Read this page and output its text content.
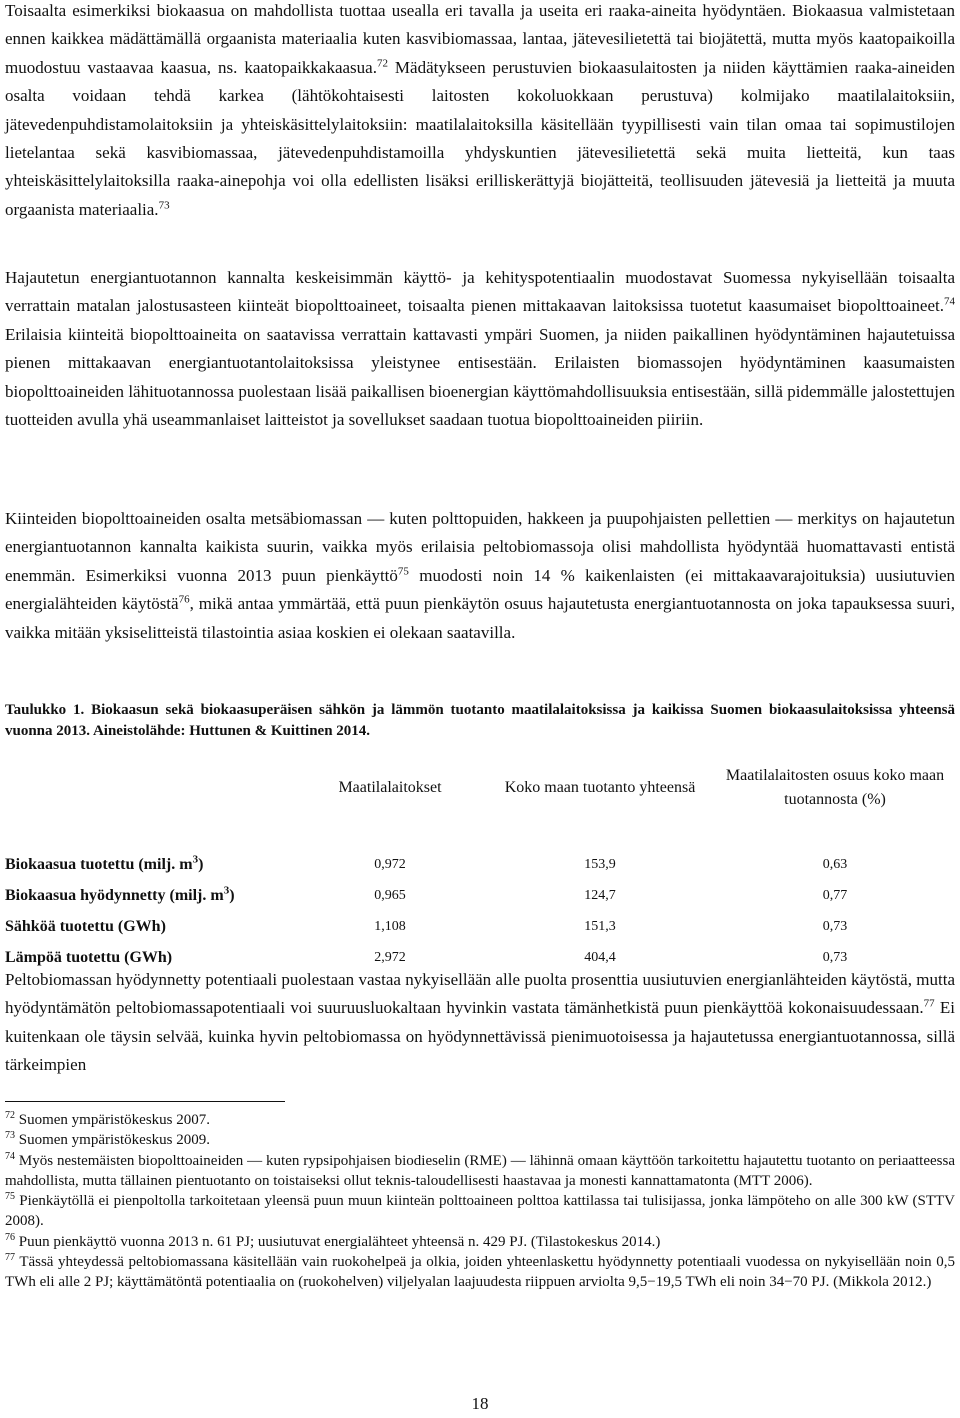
Toisaalta esimerkiksi biokaasua on mahdollista tuottaa usealla eri tavalla ja useita eri raaka-aineita hyödyntäen. Biokaasua valmistetaan ennen kaikkea mädättämällä orgaanista materiaalia kuten kasvibiomassaa, lantaa, jätevesilietettä tai biojätettä, mutta myös kaatopaikoilla muodostuu vastaavaa kaasua, ns. kaatopaikkakaasua.$^{72}$ Mädätykseen perustuvien biokaasulaitosten ja niiden käyttämien raaka-aineiden osalta voidaan tehdä karkea (lähtökohtaisesti laitosten kokoluokkaan perustuva) kolmijako maatilalaitoksiin, jätevedenpuhdistamolaitoksiin ja yhteiskäsittelylaitoksiin: maatilalaitoksilla käsitellään tyypillisesti vain tilan omaa tai sopimustilojen lietelantaa sekä kasvibiomassaa, jätevedenpuhdistamoilla yhdyskuntien jätevesilietettä sekä muita lietteitä, kun taas yhteiskäsittelylaitoksilla raaka-ainepohja voi olla edellisten lisäksi erilliskerättyjä biojätteitä, teollisuuden jätevesiä ja lietteitä ja muuta orgaanista materiaalia.$^{73}$

Hajautetun energiantuotannon kannalta keskeisimmän käyttö- ja kehityspotentiaalin muodostavat Suomessa nykyisellään toisaalta verrattain matalan jalostusasteen kiinteät biopolttoaineet, toisaalta pienen mittakaavan laitoksissa tuotetut kaasumaiset biopolttoaineet.$^{74}$ Erilaisia kiinteitä biopolttoaineita on saatavissa verrattain kattavasti ympäri Suomen, ja niiden paikallinen hyödyntäminen hajautetuissa pienen mittakaavan energiantuotantolaitoksissa yleistynee entisestään. Erilaisten biomassojen hyödyntäminen kaasumaisten biopolttoaineiden lähituotannossa puolestaan lisää paikallisen bioenergian käyttömahdollisuuksia entisestään, sillä pidemmälle jalostettujen tuotteiden avulla yhä useammanlaiset laitteistot ja sovellukset saadaan tuotua biopolttoaineiden piiriin.

Kiinteiden biopolttoaineiden osalta metsäbiomassan — kuten polttopuiden, hakkeen ja puupohjaisten pellettien — merkitys on hajautetun energiantuotannon kannalta kaikista suurin, vaikka myös erilaisia peltobiomassoja olisi mahdollista hyödyntää huomattavasti entistä enemmän. Esimerkiksi vuonna 2013 puun pienkäyttö$^{75}$ muodosti noin 14 % kaikenlaisten (ei mittakaavarajoituksia) uusiutuvien energialähteiden käytöstä$^{76}$, mikä antaa ymmärtää, että puun pienkäytön osuus hajautetusta energiantuotannosta on joka tapauksessa suuri, vaikka mitään yksiselitteistä tilastointia asiaa koskien ei olekaan saatavilla.

Taulukko 1. Biokaasun sekä biokaasuperäisen sähkön ja lämmön tuotanto maatilalaitoksissa ja kaikissa Suomen biokaasulaitoksissa yhteensä vuonna 2013. Aineistolähde: Huttunen & Kuittinen 2014.

	Maatilalaitokset	Koko maan tuotanto yhteensä	Maatilalaitosten osuus koko maan tuotannosta (%)

Biokaasua tuotettu (milj. $m^3$)	0,972	153,9	0,63
Biokaasua hyödynnetty (milj. $m^3$)	0,965	124,7	0,77
Sähköä tuotettu (GWh)	1,108	151,3	0,73
Lämpöä tuotettu (GWh)	2,972	404,4	0,73

Peltobiomassan hyödynnetty potentiaali puolestaan vastaa nykyisellään alle puolta prosenttia uusiutuvien energianlähteiden käytöstä, mutta hyödyntämätön peltobiomassapotentiaali voi suuruusluokaltaan hyvinkin vastata tämänhetkistä puun pienkäyttöä kokonaisuudessaan.$^{77}$ Ei kuitenkaan ole täysin selvää, kuinka hyvin peltobiomassa on hyödynnettävissä pienimuotoisessa ja hajautetussa energiantuotannossa, sillä tärkeimpien

$^{72}$ Suomen ympäristökeskus 2007.

$^{73}$ Suomen ympäristökeskus 2009.

$^{74}$ Myös nestemäisten biopolttoaineiden — kuten rypsipohjaisen biodieselin (RME) — lähinnä omaan käyttöön tarkoitettu hajautettu tuotanto on periaatteessa mahdollista, mutta tällainen pientuotanto on toistaiseksi ollut teknis-taloudellisesti haastavaa ja monesti kannattamatonta (MTT 2006).

$^{75}$ Pienkäytöllä ei pienpoltolla tarkoitetaan yleensä puun muun kiinteän polttoaineen polttoa kattilassa tai tulisijassa, jonka lämpöteho on alle 300 kW (STTV 2008).

$^{76}$ Puun pienkäyttö vuonna 2013 n. 61 PJ; uusiutuvat energialähteet yhteensä n. 429 PJ. (Tilastokeskus 2014.)

$^{77}$ Tässä yhteydessä peltobiomassana käsitellään vain ruokohelpeä ja olkia, joiden yhteenlaskettu hyödynnetty potentiaali vuodessa on nykyisellään noin 0,5 TWh eli alle 2 PJ; käyttämätöntä potentiaalia on (ruokohelven) viljelyalan laajuudesta riippuen arviolta 9,5−19,5 TWh eli noin 34−70 PJ. (Mikkola 2012.)

18
